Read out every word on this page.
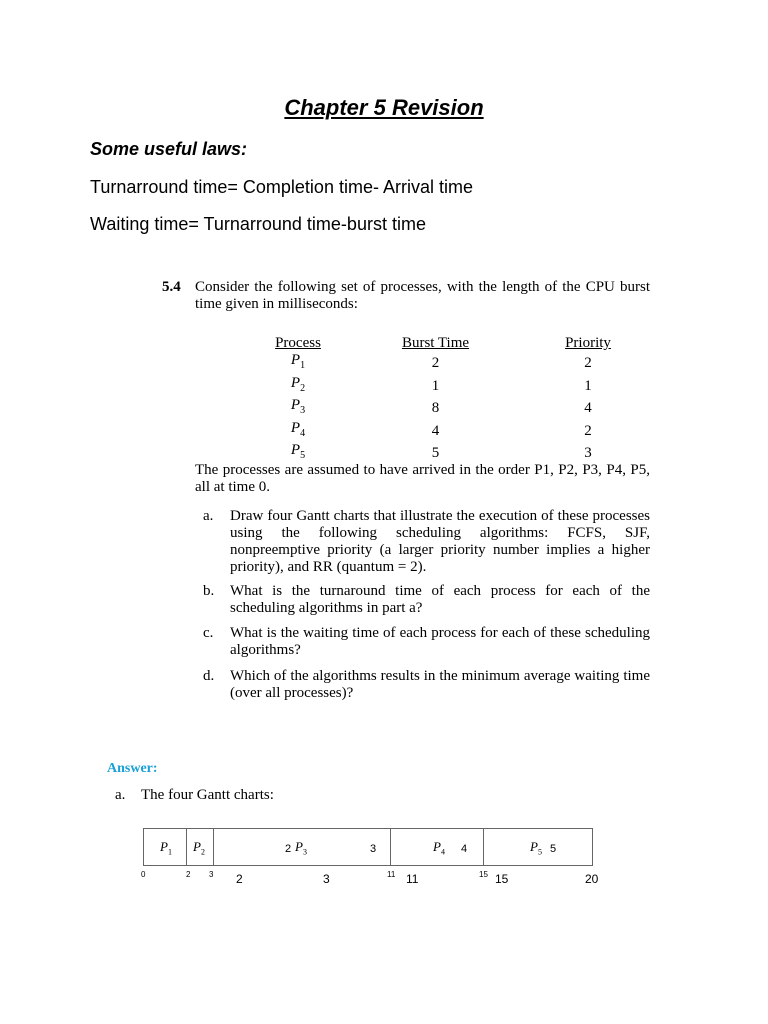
Chapter 5 Revision
Some useful laws:
Turnarround time= Completion time- Arrival time
Waiting time= Turnarround time-burst time
5.4 Consider the following set of processes, with the length of the CPU burst time given in milliseconds:
Process	Burst Time	Priority
$P_1$	2	2
$P_2$	1	1
$P_3$	8	4
$P_4$	4	2
$P_5$	5	3
The processes are assumed to have arrived in the order P1, P2, P3, P4, P5, all at time 0.
a. Draw four Gantt charts that illustrate the execution of these processes using the following scheduling algorithms: FCFS, SJF, nonpreemptive priority (a larger priority number implies a higher priority), and RR (quantum = 2).
b. What is the turnaround time of each process for each of the scheduling algorithms in part a?
c. What is the waiting time of each process for each of these scheduling algorithms?
d. Which of the algorithms results in the minimum average waiting time (over all processes)?
Answer:
a. The four Gantt charts:
$P_1$ $P_2$	2 $P_3$	3	$P_4$ 4	$P_5$ 5
0	2 3	11	15
2	3	11	15	20
